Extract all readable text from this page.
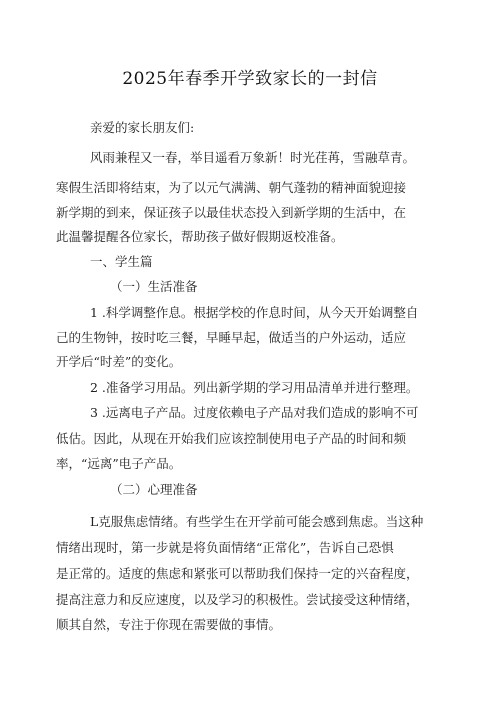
2025年春季开学致家长的一封信
亲爱的家长朋友们:
风雨兼程又一春，举目遥看万象新！时光荏苒，雪融草青。
寒假生活即将结束，为了以元气满满、朝气蓬勃的精神面貌迎接
新学期的到来，保证孩子以最佳状态投入到新学期的生活中，在
此温馨提醒各位家长，帮助孩子做好假期返校准备。
一、学生篇
（一）生活准备
1 .科学调整作息。根据学校的作息时间，从今天开始调整自
己的生物钟，按时吃三餐，早睡早起，做适当的户外运动，适应
开学后“时差”的变化。
2 .准备学习用品。列出新学期的学习用品清单并进行整理。
3 .远离电子产品。过度依赖电子产品对我们造成的影响不可
低估。因此，从现在开始我们应该控制使用电子产品的时间和频
率，“远离”电子产品。
（二）心理准备
L克服焦虑情绪。有些学生在开学前可能会感到焦虑。当这种
情绪出现时，第一步就是将负面情绪“正常化”，告诉自己恐惧
是正常的。适度的焦虑和紧张可以帮助我们保持一定的兴奋程度，
提高注意力和反应速度，以及学习的积极性。尝试接受这种情绪，
顺其自然，专注于你现在需要做的事情。
